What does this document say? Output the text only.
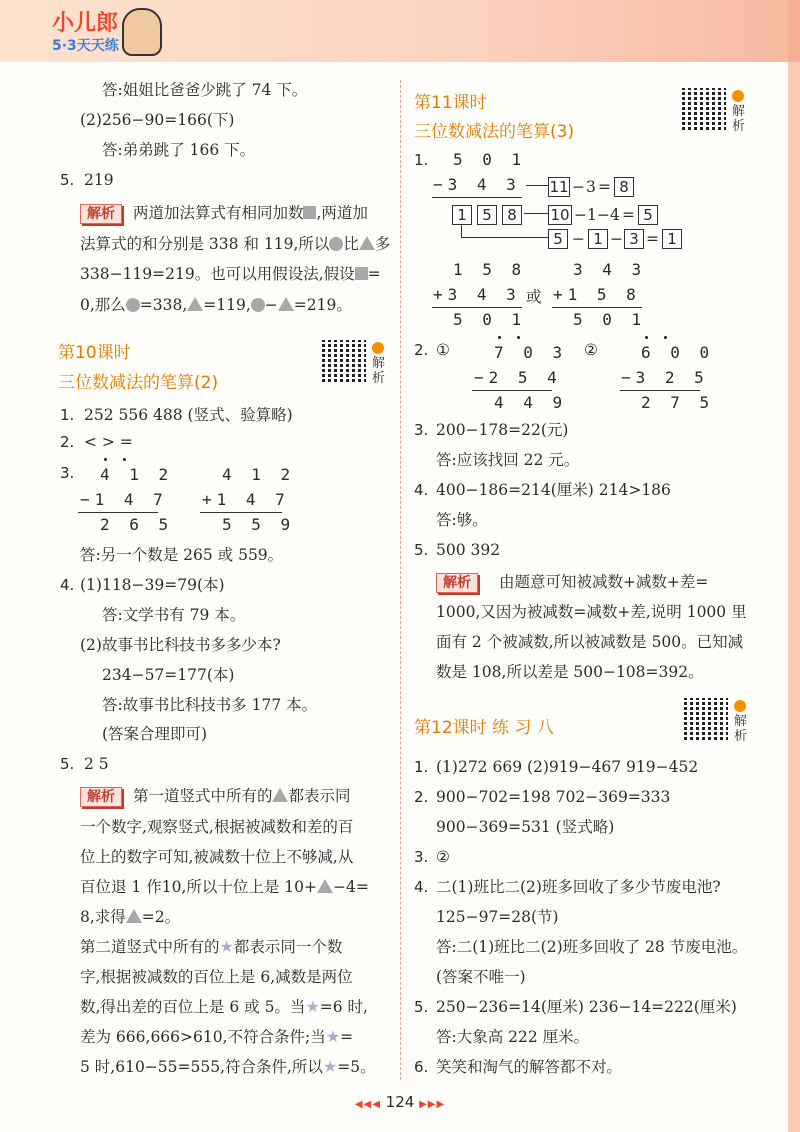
小儿郎
5·3天天练
答:姐姐比爸爸少跳了 74 下。
(2)256−90=166(下)
答:弟弟跳了 166 下。
5. 219
解析 两道加法算式有相同加数 ,两道加
法算式的和分别是 338 和 119,所以 比 多
338−119=219。也可以用假设法,假设 =
0,那么 =338, =119, − =219。
第10课时
三位数减法的笔算(2)
解析
1. 252 556 488 (竖式、验算略)
2. < > =
3. 4 1 2
−1 4 7
2 6 5
4 1 2
+1 4 7
5 5 9
答:另一个数是 265 或 559。
4. (1)118−39=79(本)
答:文学书有 79 本。
(2)故事书比科技书多多少本?
234−57=177(本)
答:故事书比科技书多 177 本。
(答案合理即可)
5. 2 5
解析 第一道竖式中所有的 都表示同
一个数字,观察竖式,根据被减数和差的百
位上的数字可知,被减数十位上不够减,从
百位退 1 作10,所以十位上是 10+ −4=
8,求得 =2。
第二道竖式中所有的★都表示同一个数
字,根据被减数的百位上是 6,减数是两位
数,得出差的百位上是 6 或 5。当★=6 时,
差为 666,666>610,不符合条件;当★=
5 时,610−55=555,符合条件,所以★=5。
第11课时
三位数减法的笔算(3)
解析
1. 5 0 1
−3 4 3 11 − 3 = 8
1	5	8	10 − 1 − 4 = 5
5 − 1 − 3 = 1
1 5 8
+3 4 3
5 0 1
或
3 4 3
+1 5 8
5 0 1
2. ①	7 0 3
−2 5 4
4 4 9
②	6 0 0
−3 2 5
2 7 5
3. 200−178=22(元)
答:应该找回 22 元。
4. 400−186=214(厘米) 214>186
答:够。
5. 500 392
解析 由题意可知被减数+减数+差=
1000,又因为被减数=减数+差,说明 1000 里
面有 2 个被减数,所以被减数是 500。已知减
数是 108,所以差是 500−108=392。
第12课时 练 习 八	解析
1. (1)272 669 (2)919−467 919−452
2. 900−702=198 702−369=333
900−369=531 (竖式略)
3. ②
4. 二(1)班比二(2)班多回收了多少节废电池?
125−97=28(节)
答:二(1)班比二(2)班多回收了 28 节废电池。
(答案不唯一)
5. 250−236=14(厘米) 236−14=222(厘米)
答:大象高 222 厘米。
6. 笑笑和淘气的解答都不对。
◀◀◀ 124 ▶▶▶
